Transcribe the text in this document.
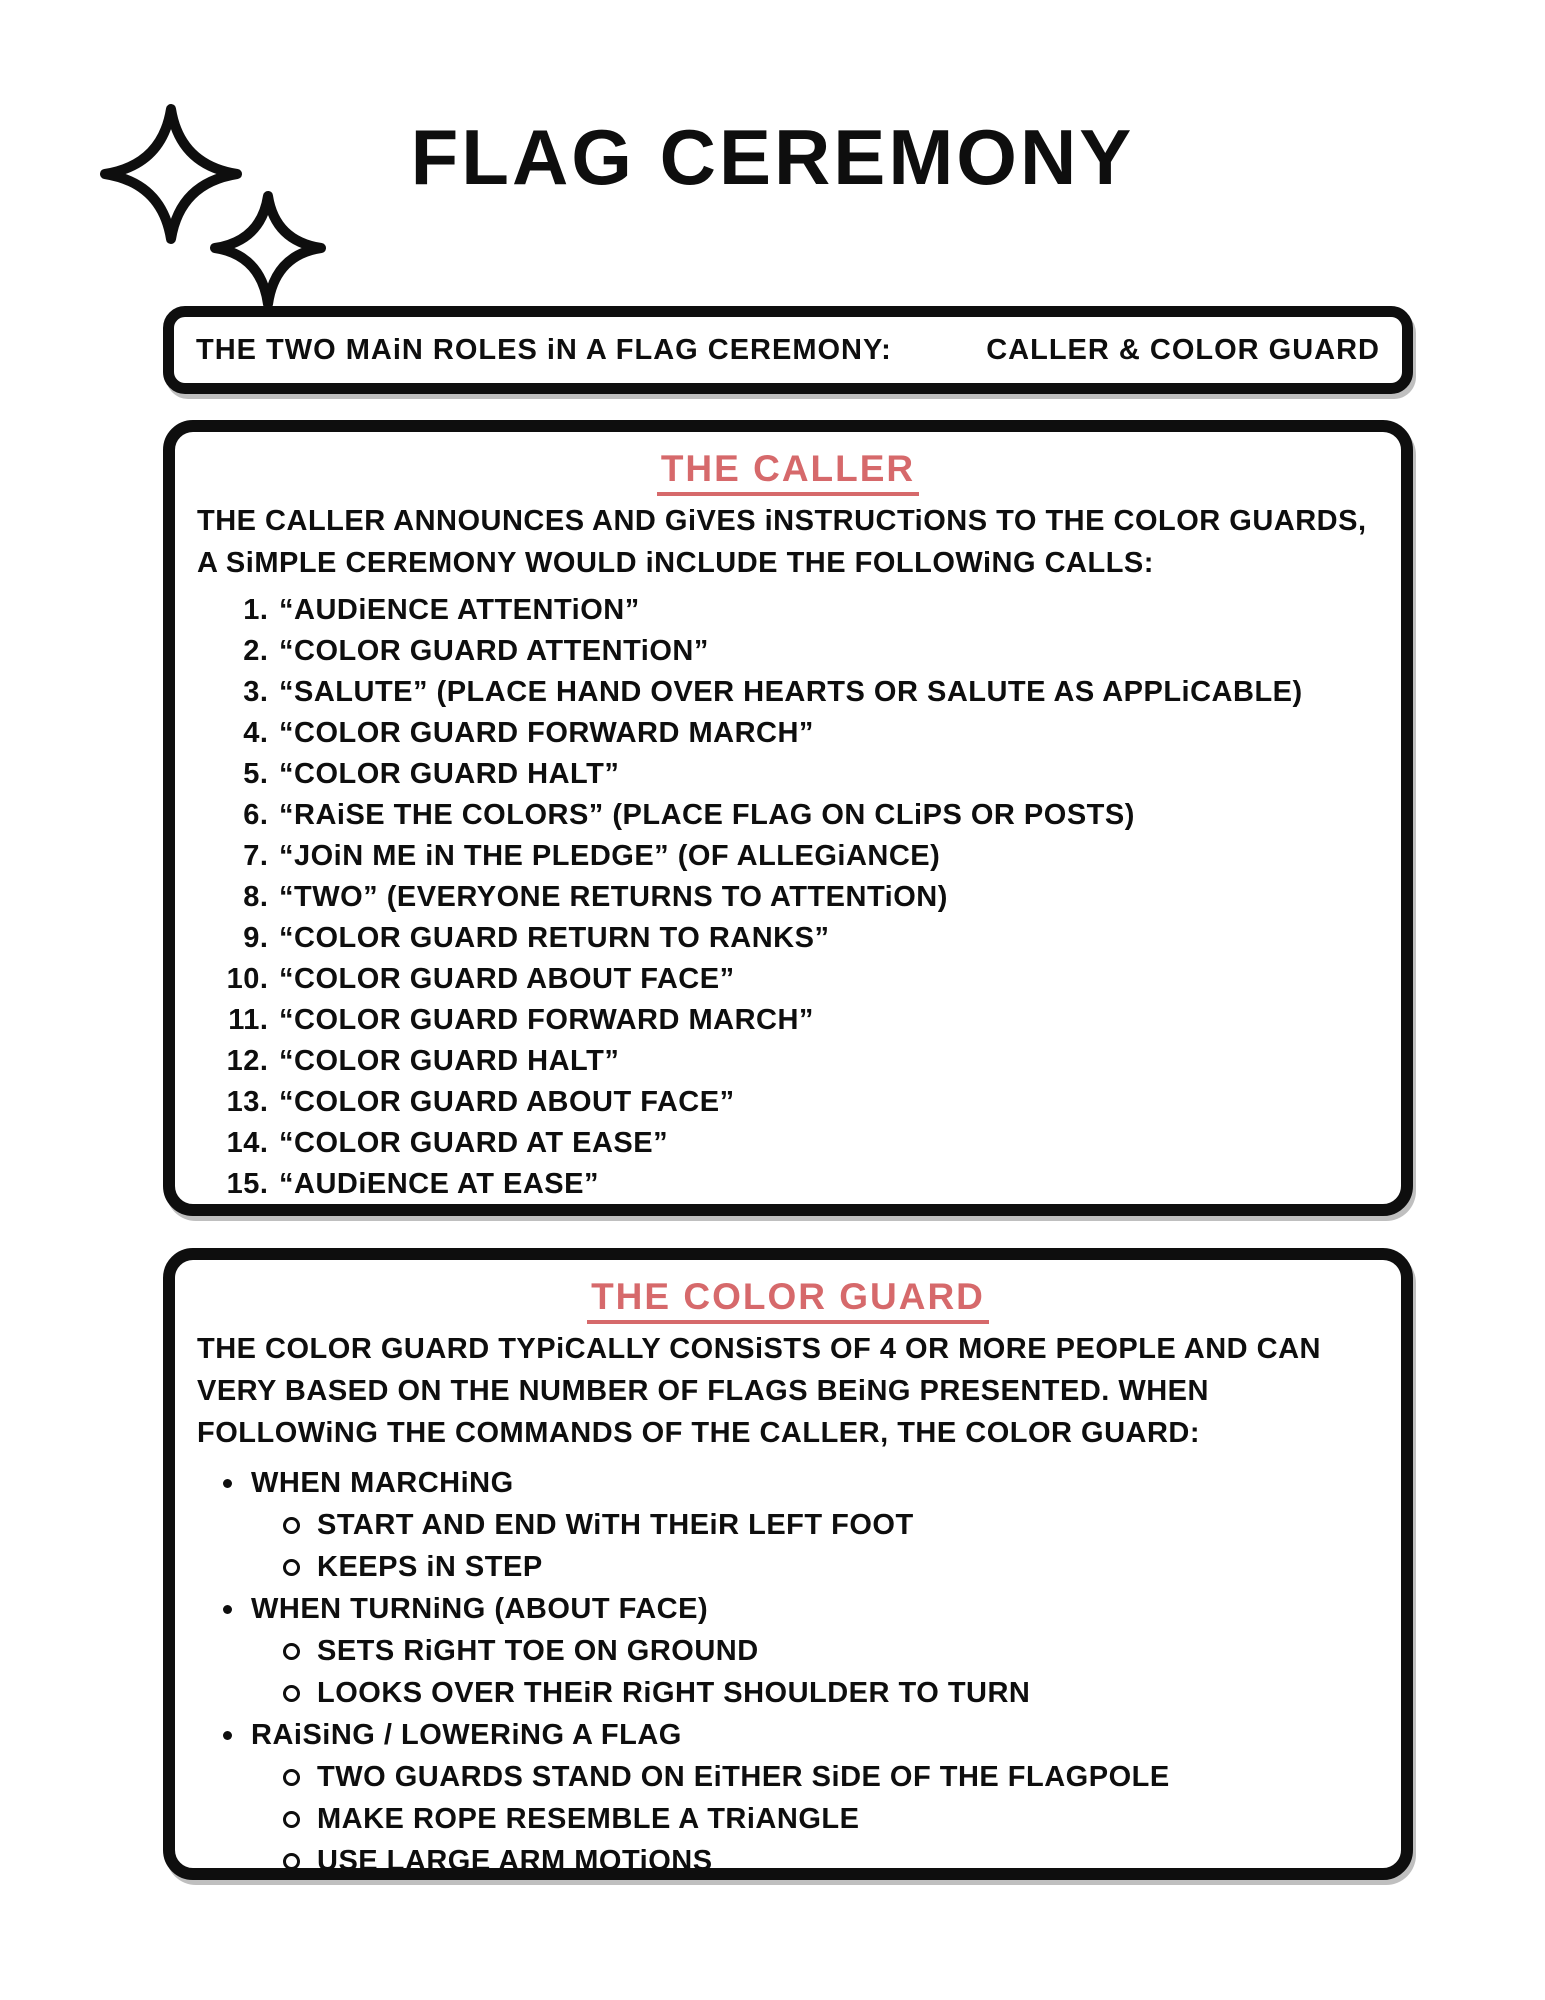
FLAG CEREMONY
THE TWO MAiN ROLES iN A FLAG CEREMONY:	CALLER & COLOR GUARD
THE CALLER

THE CALLER ANNOUNCES AND GiVES iNSTRUCTiONS TO THE COLOR GUARDS, A SiMPLE CEREMONY WOULD iNCLUDE THE FOLLOWiNG CALLS:

1. “AUDiENCE ATTENTiON”
2. “COLOR GUARD ATTENTiON”
3. “SALUTE” (PLACE HAND OVER HEARTS OR SALUTE AS APPLiCABLE)
4. “COLOR GUARD FORWARD MARCH”
5. “COLOR GUARD HALT”
6. “RAiSE THE COLORS” (PLACE FLAG ON CLiPS OR POSTS)
7. “JOiN ME iN THE PLEDGE” (OF ALLEGiANCE)
8. “TWO” (EVERYONE RETURNS TO ATTENTiON)
9. “COLOR GUARD RETURN TO RANKS”
10. “COLOR GUARD ABOUT FACE”
11. “COLOR GUARD FORWARD MARCH”
12. “COLOR GUARD HALT”
13. “COLOR GUARD ABOUT FACE”
14. “COLOR GUARD AT EASE”
15. “AUDiENCE AT EASE”
THE COLOR GUARD

THE COLOR GUARD TYPiCALLY CONSiSTS OF 4 OR MORE PEOPLE AND CAN VERY BASED ON THE NUMBER OF FLAGS BEiNG PRESENTED. WHEN FOLLOWiNG THE COMMANDS OF THE CALLER, THE COLOR GUARD:

WHEN MARCHiNG
START AND END WiTH THEiR LEFT FOOT
KEEPS iN STEP
WHEN TURNiNG (ABOUT FACE)
SETS RiGHT TOE ON GROUND
LOOKS OVER THEiR RiGHT SHOULDER TO TURN
RAiSiNG / LOWERiNG A FLAG
TWO GUARDS STAND ON EiTHER SiDE OF THE FLAGPOLE
MAKE ROPE RESEMBLE A TRiANGLE
USE LARGE ARM MOTiONS
